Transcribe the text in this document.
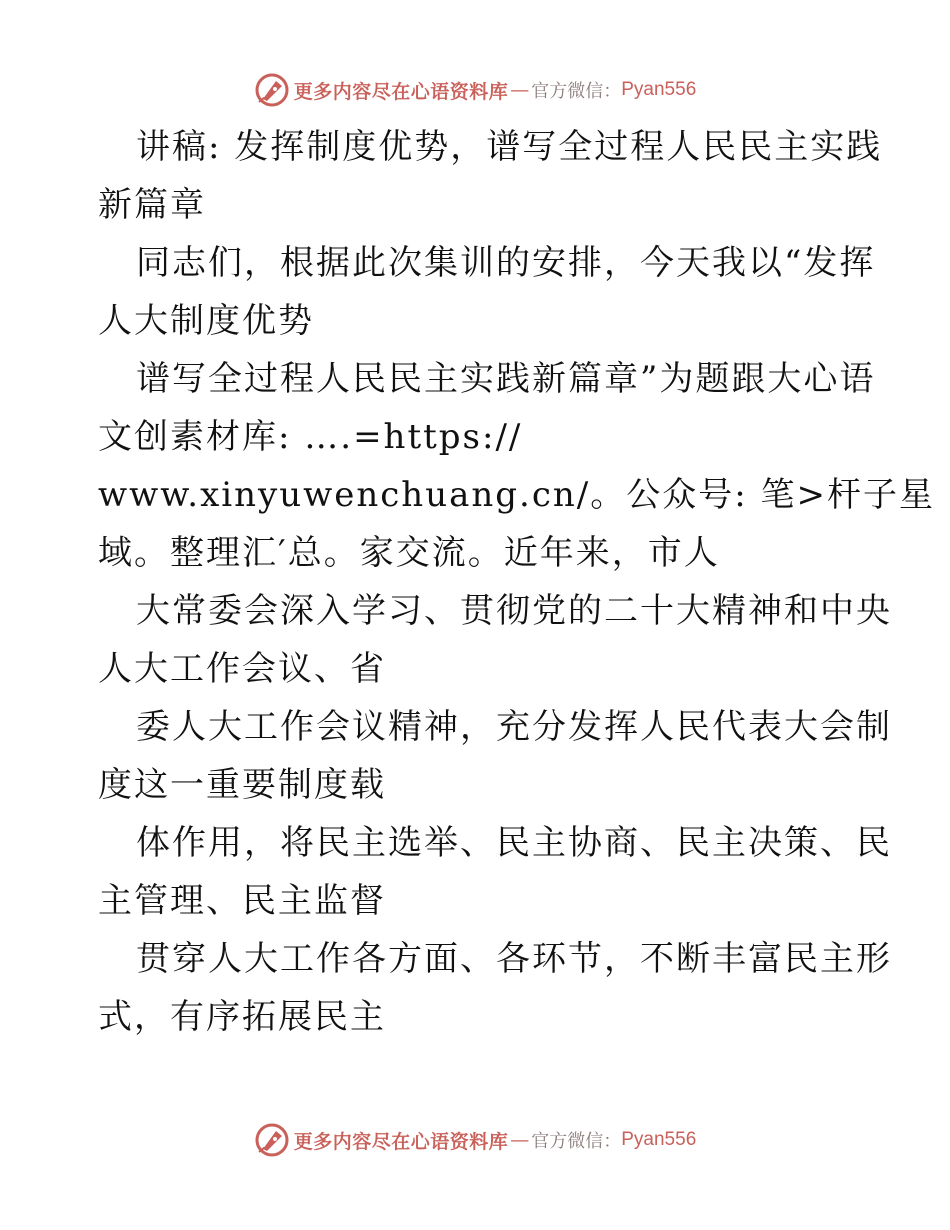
更多内容尽在心语资料库 — 官方微信： Pyan556
讲稿: 发挥制度优势，谱写全过程人民民主实践
新篇章
同志们，根据此次集训的安排，今天我以“发挥
人大制度优势
谱写全过程人民民主实践新篇章”为题跟大心语
文创素材库: ….=https://
www.xinyuwenchuang.cn/。公众号: 笔>杆子星
域。整理汇′总。家交流。近年来，市人
大常委会深入学习、贯彻党的二十大精神和中央
人大工作会议、省
委人大工作会议精神，充分发挥人民代表大会制
度这一重要制度载
体作用，将民主选举、民主协商、民主决策、民
主管理、民主监督
贯穿人大工作各方面、各环节，不断丰富民主形
式，有序拓展民主
更多内容尽在心语资料库 — 官方微信： Pyan556
